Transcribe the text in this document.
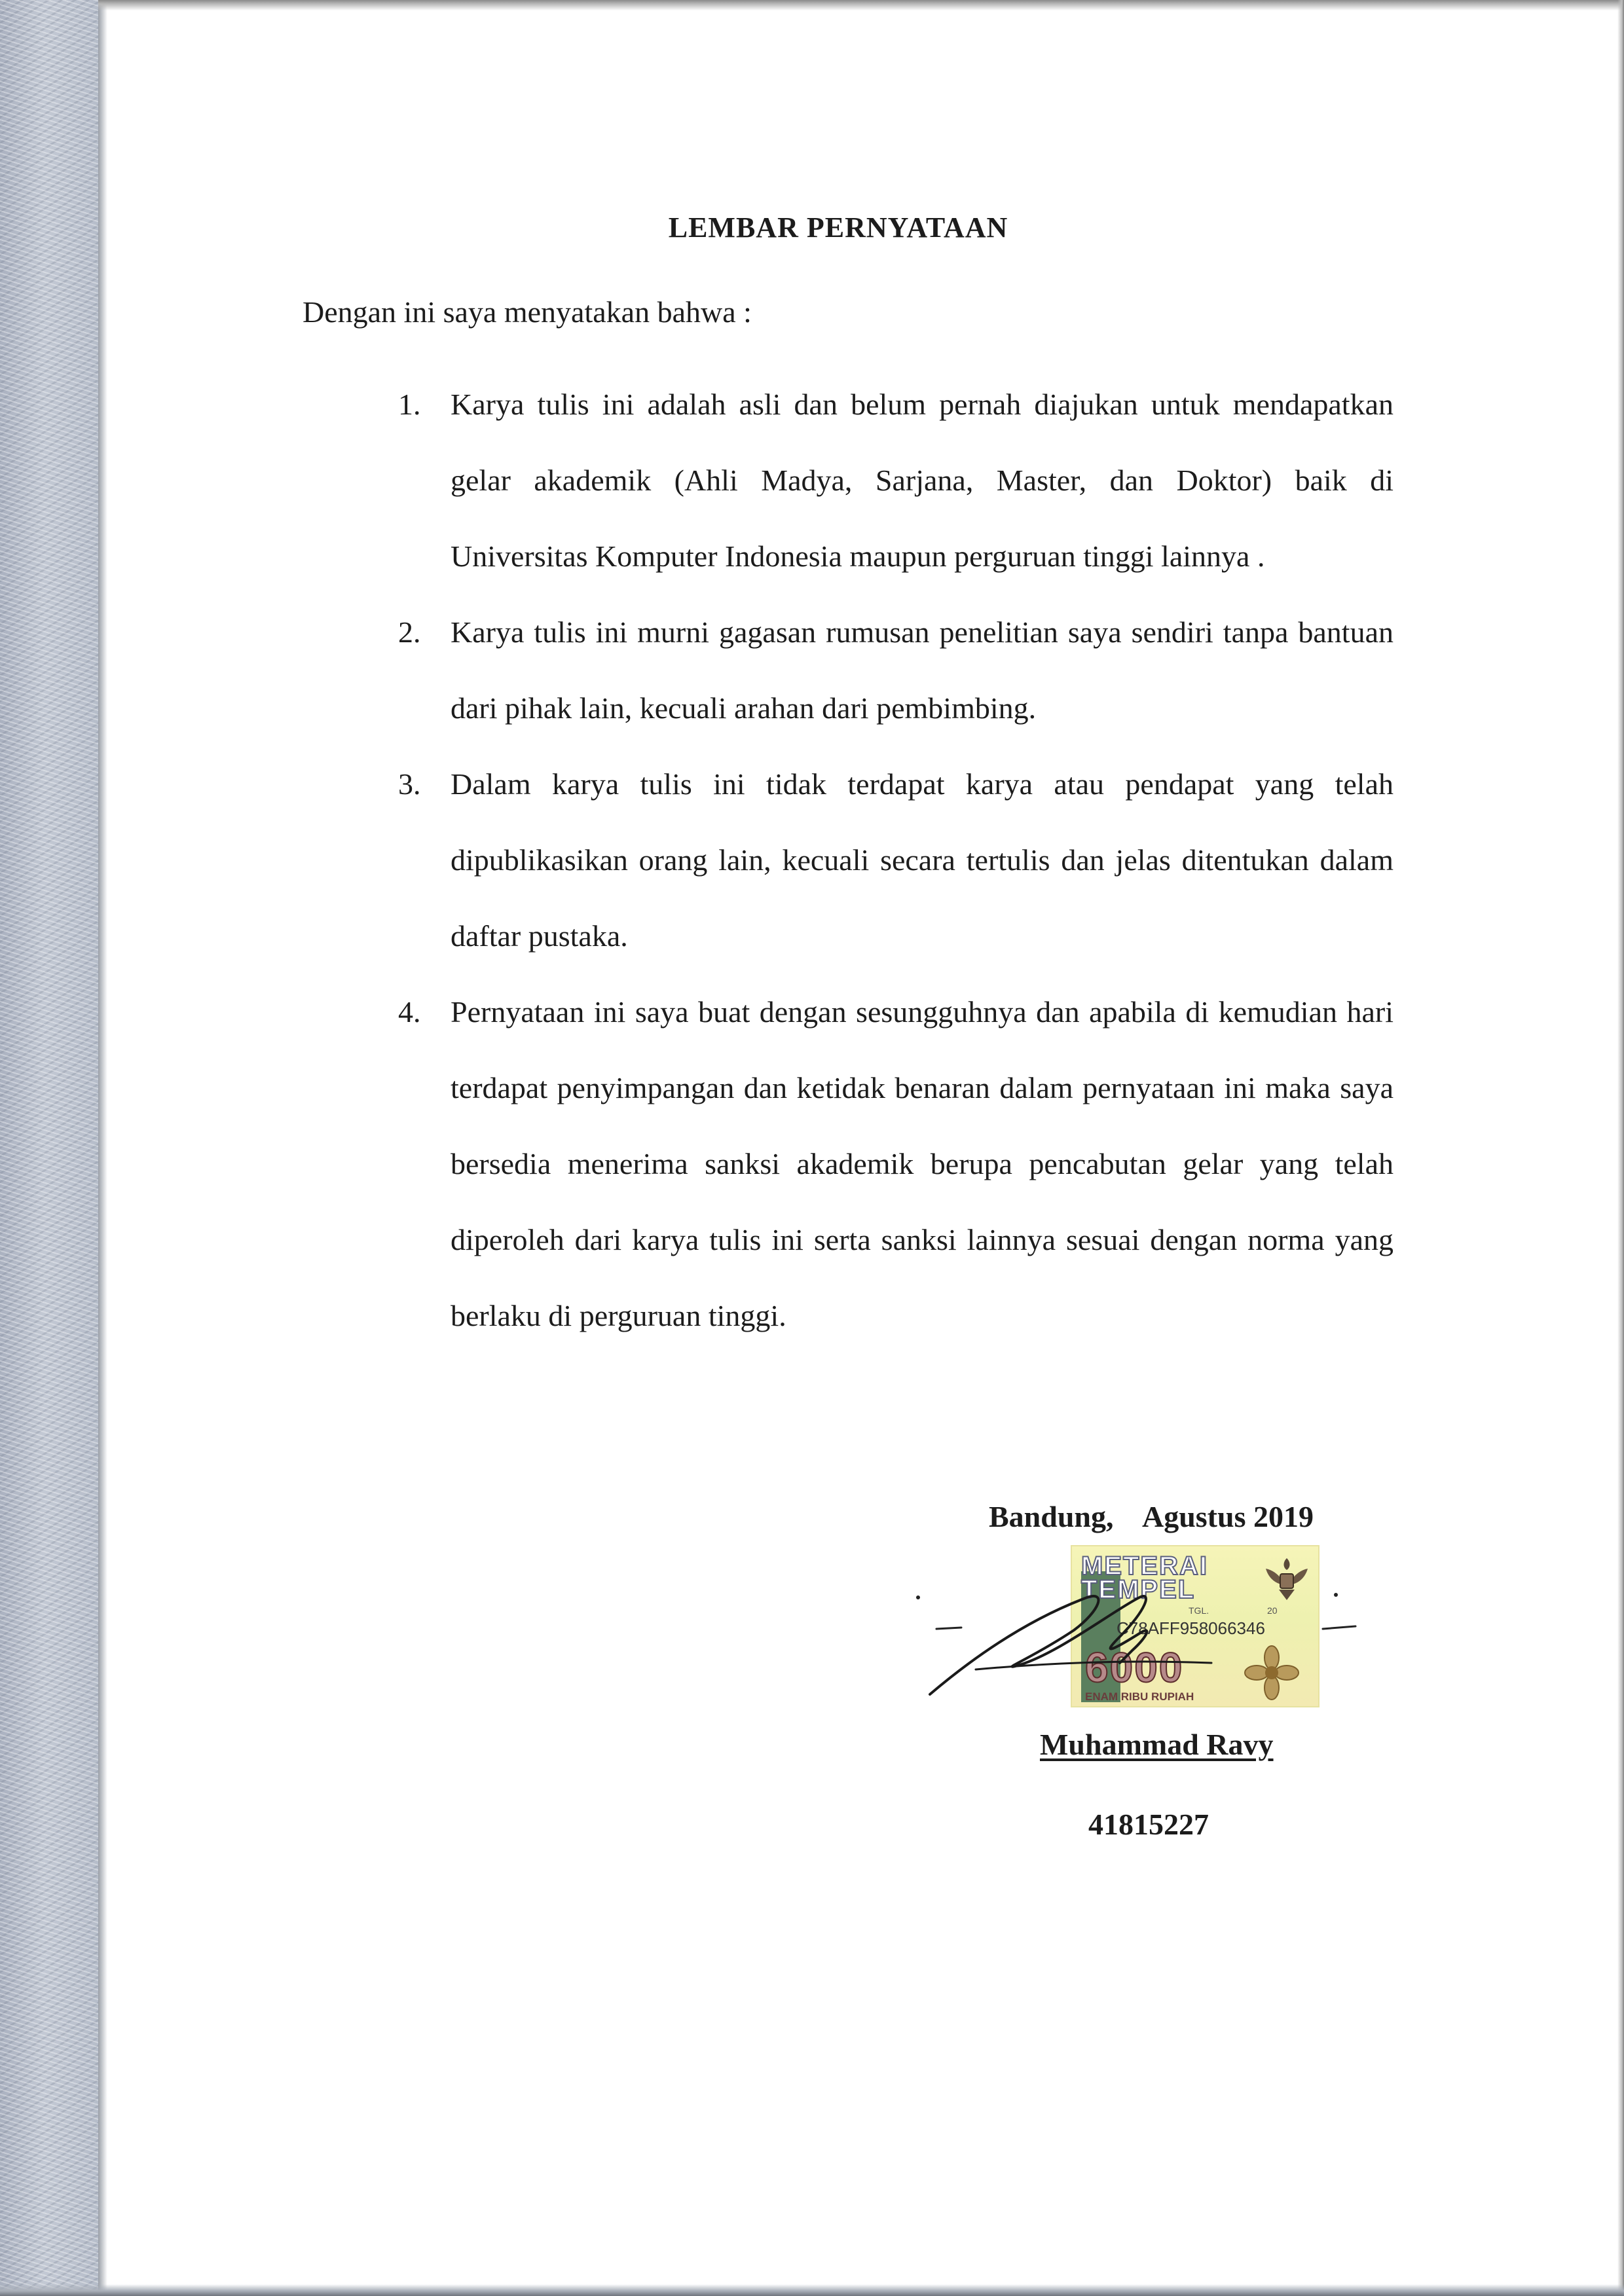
LEMBAR PERNYATAAN
Dengan ini saya menyatakan bahwa :
1. Karya tulis ini adalah asli dan belum pernah diajukan untuk mendapatkan gelar akademik (Ahli Madya, Sarjana, Master, dan Doktor) baik di Universitas Komputer Indonesia maupun perguruan tinggi lainnya .
2. Karya tulis ini murni gagasan rumusan penelitian saya sendiri tanpa bantuan dari pihak lain, kecuali arahan dari pembimbing.
3. Dalam karya tulis ini tidak terdapat karya atau pendapat yang telah dipublikasikan orang lain, kecuali secara tertulis dan jelas ditentukan dalam daftar pustaka.
4. Pernyataan ini saya buat dengan sesungguhnya dan apabila di kemudian hari terdapat penyimpangan dan ketidak benaran dalam pernyataan ini maka saya bersedia menerima sanksi akademik berupa pencabutan gelar yang telah diperoleh dari karya tulis ini serta sanksi lainnya sesuai dengan norma yang berlaku di perguruan tinggi.
Bandung,    Agustus 2019
METERAI
TEMPEL
TGL.	20
C78AFF958066346
6000
ENAM RIBU RUPIAH
Muhammad Ravy
41815227
